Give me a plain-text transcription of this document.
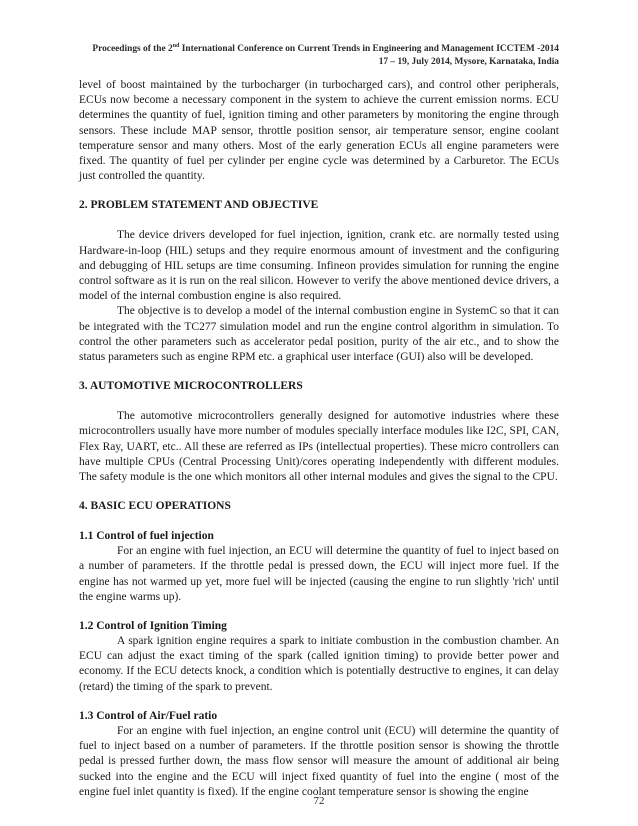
Proceedings of the 2nd International Conference on Current Trends in Engineering and Management ICCTEM -2014
17 – 19, July 2014, Mysore, Karnataka, India

level of boost maintained by the turbocharger (in turbocharged cars), and control other peripherals, ECUs now become a necessary component in the system to achieve the current emission norms. ECU determines the quantity of fuel, ignition timing and other parameters by monitoring the engine through sensors. These include MAP sensor, throttle position sensor, air temperature sensor, engine coolant temperature sensor and many others. Most of the early generation ECUs all engine parameters were fixed. The quantity of fuel per cylinder per engine cycle was determined by a Carburetor. The ECUs just controlled the quantity.

2. PROBLEM STATEMENT AND OBJECTIVE

The device drivers developed for fuel injection, ignition, crank etc. are normally tested using Hardware-in-loop (HIL) setups and they require enormous amount of investment and the configuring and debugging of HIL setups are time consuming. Infineon provides simulation for running the engine control software as it is run on the real silicon. However to verify the above mentioned device drivers, a model of the internal combustion engine is also required.

The objective is to develop a model of the internal combustion engine in SystemC so that it can be integrated with the TC277 simulation model and run the engine control algorithm in simulation. To control the other parameters such as accelerator pedal position, purity of the air etc., and to show the status parameters such as engine RPM etc. a graphical user interface (GUI) also will be developed.

3. AUTOMOTIVE MICROCONTROLLERS

The automotive microcontrollers generally designed for automotive industries where these microcontrollers usually have more number of modules specially interface modules like I2C, SPI, CAN, Flex Ray, UART, etc.. All these are referred as IPs (intellectual properties). These micro controllers can have multiple CPUs (Central Processing Unit)/cores operating independently with different modules. The safety module is the one which monitors all other internal modules and gives the signal to the CPU.

4. BASIC ECU OPERATIONS
1.1 Control of fuel injection

For an engine with fuel injection, an ECU will determine the quantity of fuel to inject based on a number of parameters. If the throttle pedal is pressed down, the ECU will inject more fuel. If the engine has not warmed up yet, more fuel will be injected (causing the engine to run slightly 'rich' until the engine warms up).

1.2 Control of Ignition Timing

A spark ignition engine requires a spark to initiate combustion in the combustion chamber. An ECU can adjust the exact timing of the spark (called ignition timing) to provide better power and economy. If the ECU detects knock, a condition which is potentially destructive to engines, it can delay (retard) the timing of the spark to prevent.

1.3 Control of Air/Fuel ratio

For an engine with fuel injection, an engine control unit (ECU) will determine the quantity of fuel to inject based on a number of parameters. If the throttle position sensor is showing the throttle pedal is pressed further down, the mass flow sensor will measure the amount of additional air being sucked into the engine and the ECU will inject fixed quantity of fuel into the engine ( most of the engine fuel inlet quantity is fixed). If the engine coolant temperature sensor is showing the engine

72
